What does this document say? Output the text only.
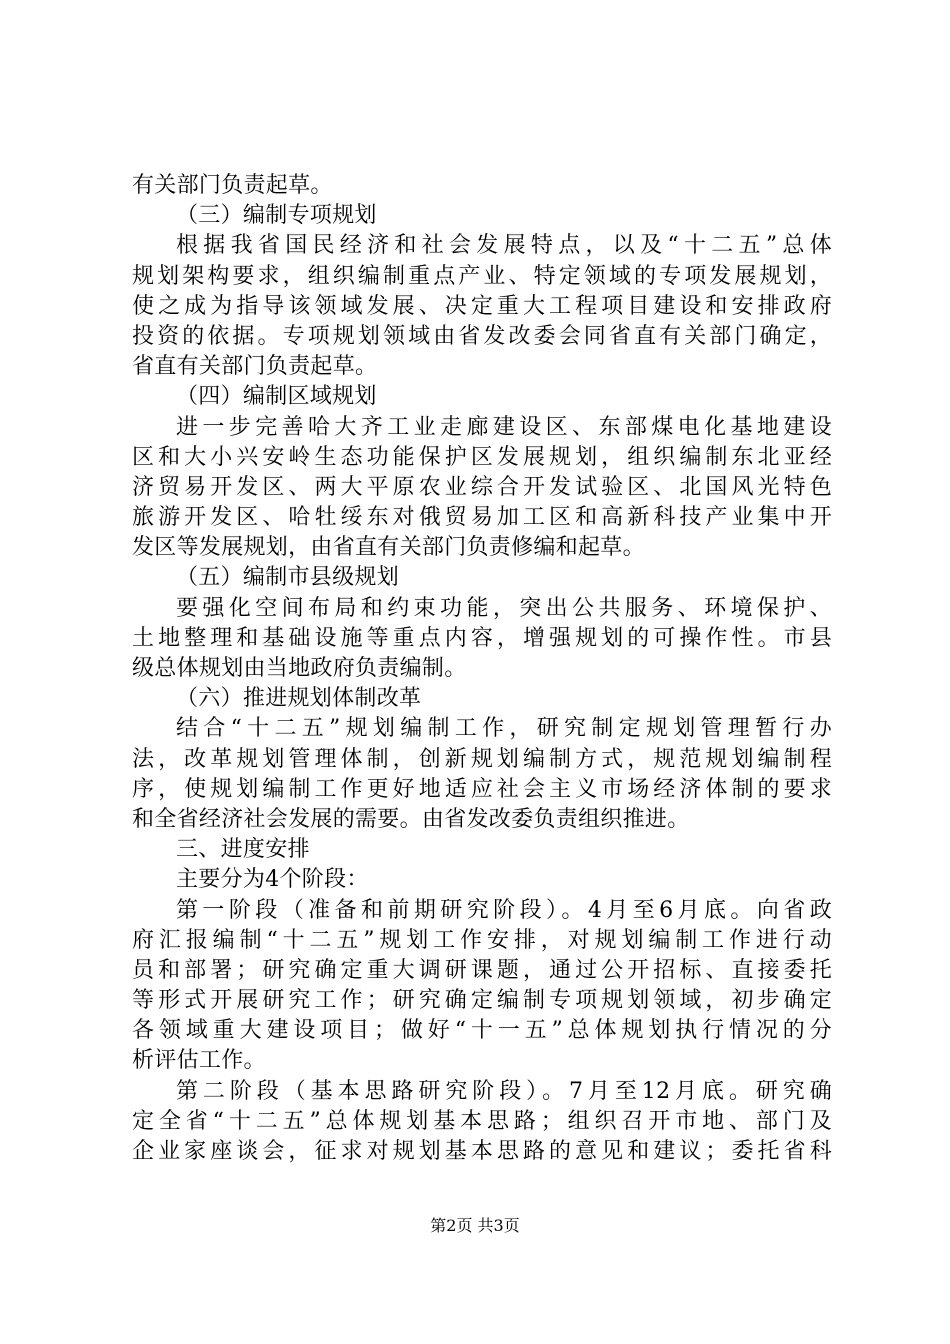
有关部门负责起草。
（三）编制专项规划
根据我省国民经济和社会发展特点，以及“十二五”总体
规划架构要求，组织编制重点产业、特定领域的专项发展规划，
使之成为指导该领域发展、决定重大工程项目建设和安排政府
投资的依据。专项规划领域由省发改委会同省直有关部门确定，
省直有关部门负责起草。
（四）编制区域规划
进一步完善哈大齐工业走廊建设区、东部煤电化基地建设
区和大小兴安岭生态功能保护区发展规划，组织编制东北亚经
济贸易开发区、两大平原农业综合开发试验区、北国风光特色
旅游开发区、哈牡绥东对俄贸易加工区和高新科技产业集中开
发区等发展规划，由省直有关部门负责修编和起草。
（五）编制市县级规划
要强化空间布局和约束功能，突出公共服务、环境保护、
土地整理和基础设施等重点内容，增强规划的可操作性。市县
级总体规划由当地政府负责编制。
（六）推进规划体制改革
结合“十二五”规划编制工作，研究制定规划管理暂行办
法，改革规划管理体制，创新规划编制方式，规范规划编制程
序，使规划编制工作更好地适应社会主义市场经济体制的要求
和全省经济社会发展的需要。由省发改委负责组织推进。
三、进度安排
主要分为4个阶段：
第一阶段（准备和前期研究阶段）。4月至6月底。向省政
府汇报编制“十二五”规划工作安排，对规划编制工作进行动
员和部署；研究确定重大调研课题，通过公开招标、直接委托
等形式开展研究工作；研究确定编制专项规划领域，初步确定
各领域重大建设项目；做好“十一五”总体规划执行情况的分
析评估工作。
第二阶段（基本思路研究阶段）。7月至12月底。研究确
定全省“十二五”总体规划基本思路；组织召开市地、部门及
企业家座谈会，征求对规划基本思路的意见和建议；委托省科
第2页 共3页
